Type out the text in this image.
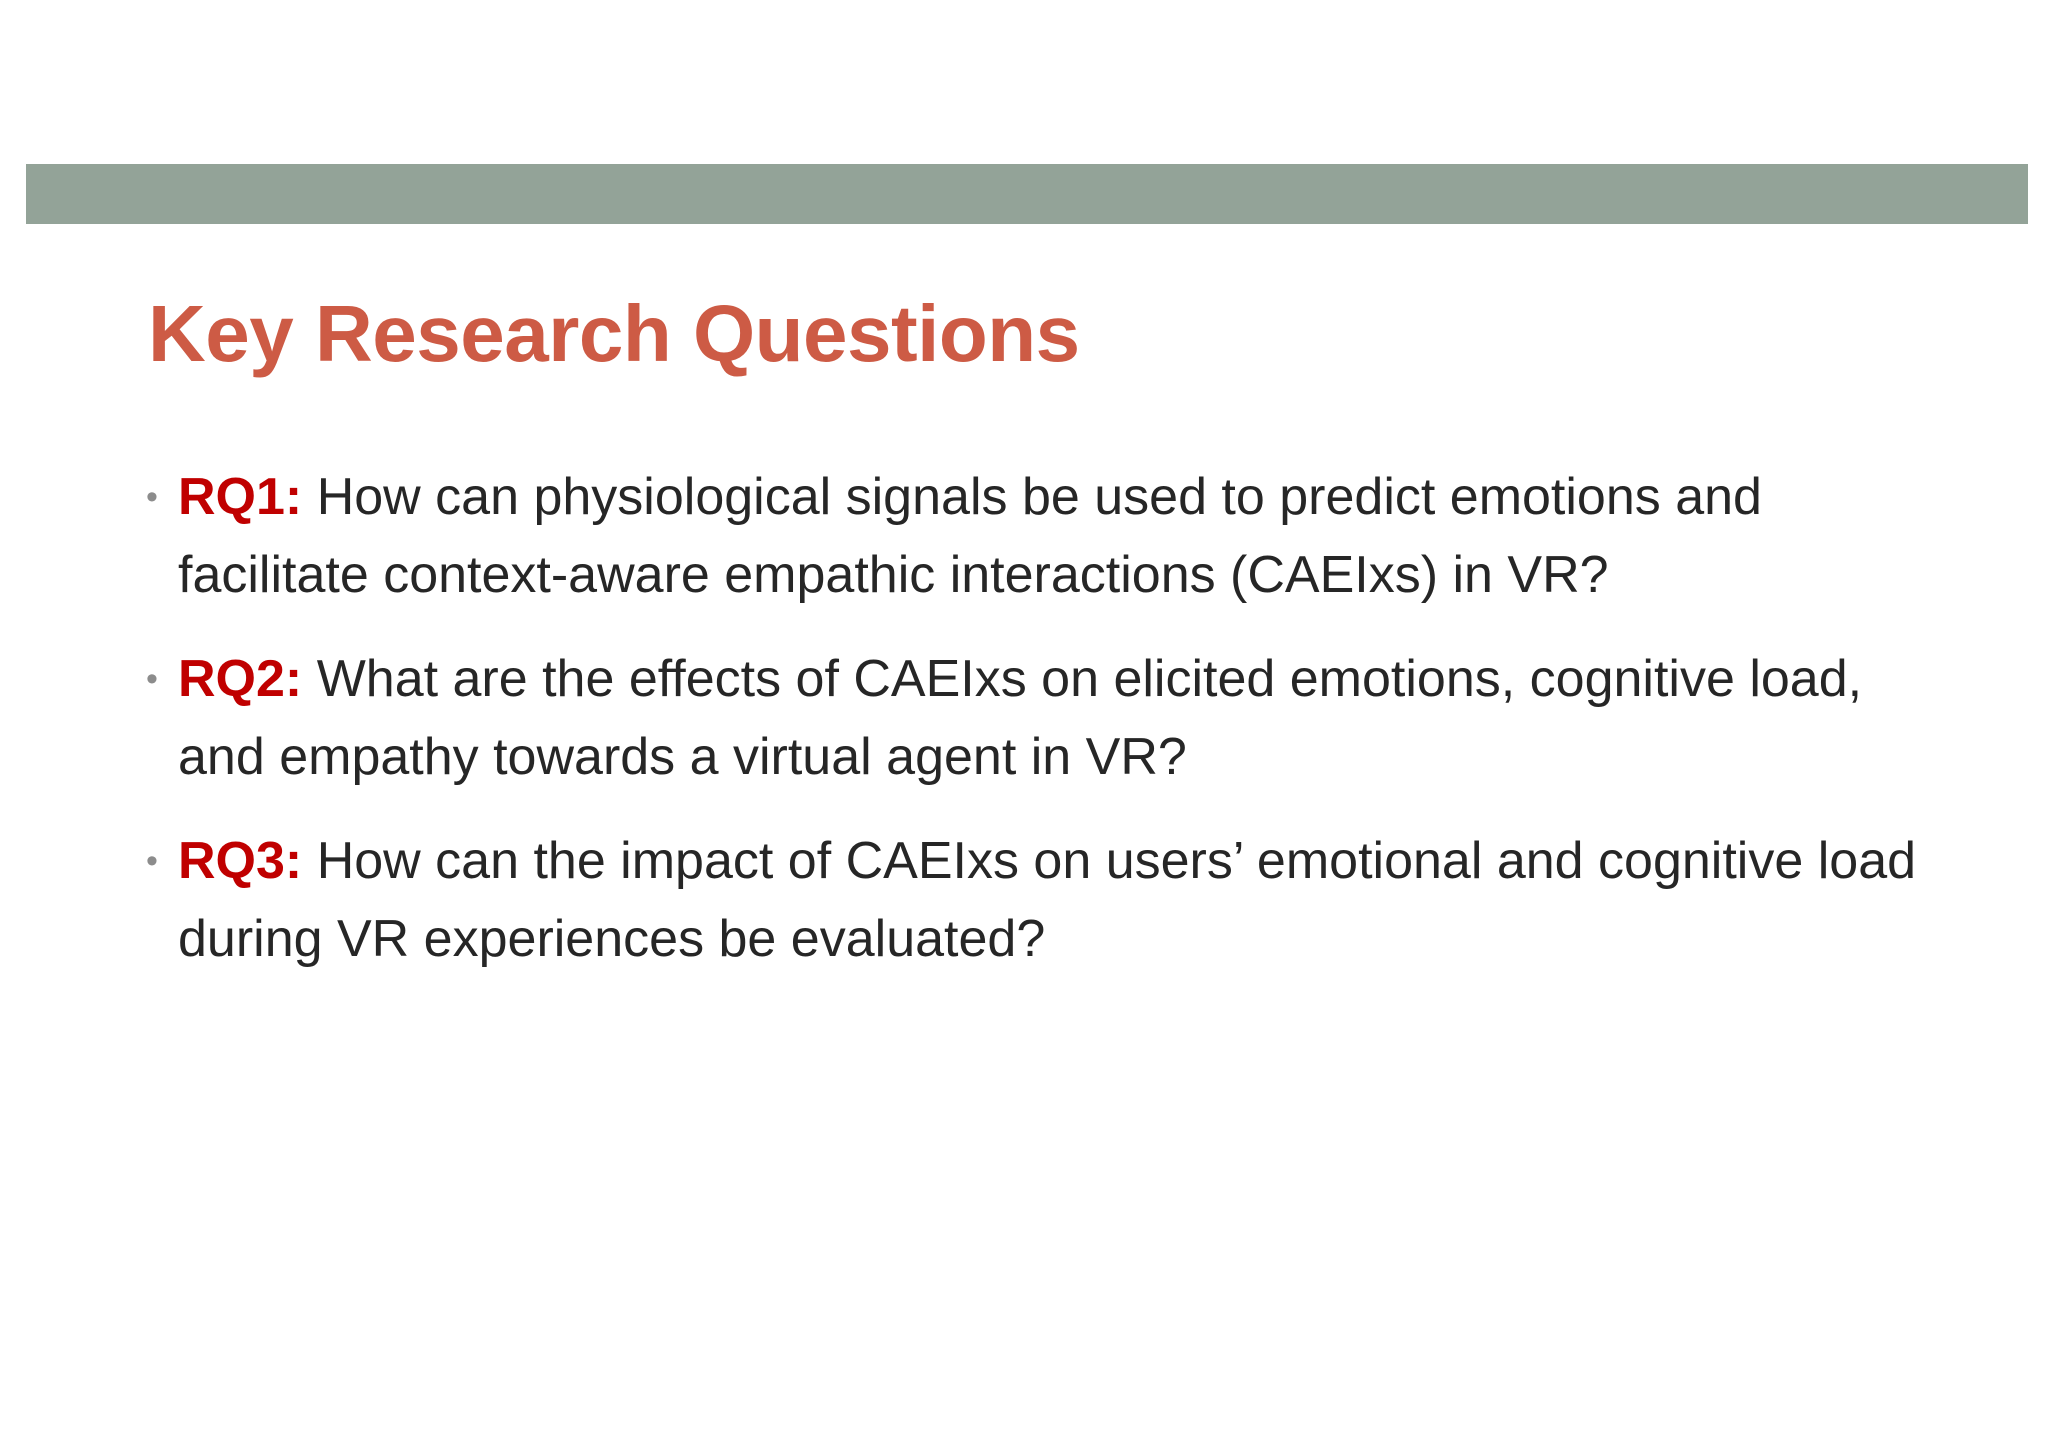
Key Research Questions
• RQ1: How can physiological signals be used to predict emotions and facilitate context-aware empathic interactions (CAEIxs) in VR?
• RQ2: What are the effects of CAEIxs on elicited emotions, cognitive load, and empathy towards a virtual agent in VR?
• RQ3: How can the impact of CAEIxs on users’ emotional and cognitive load during VR experiences be evaluated?
